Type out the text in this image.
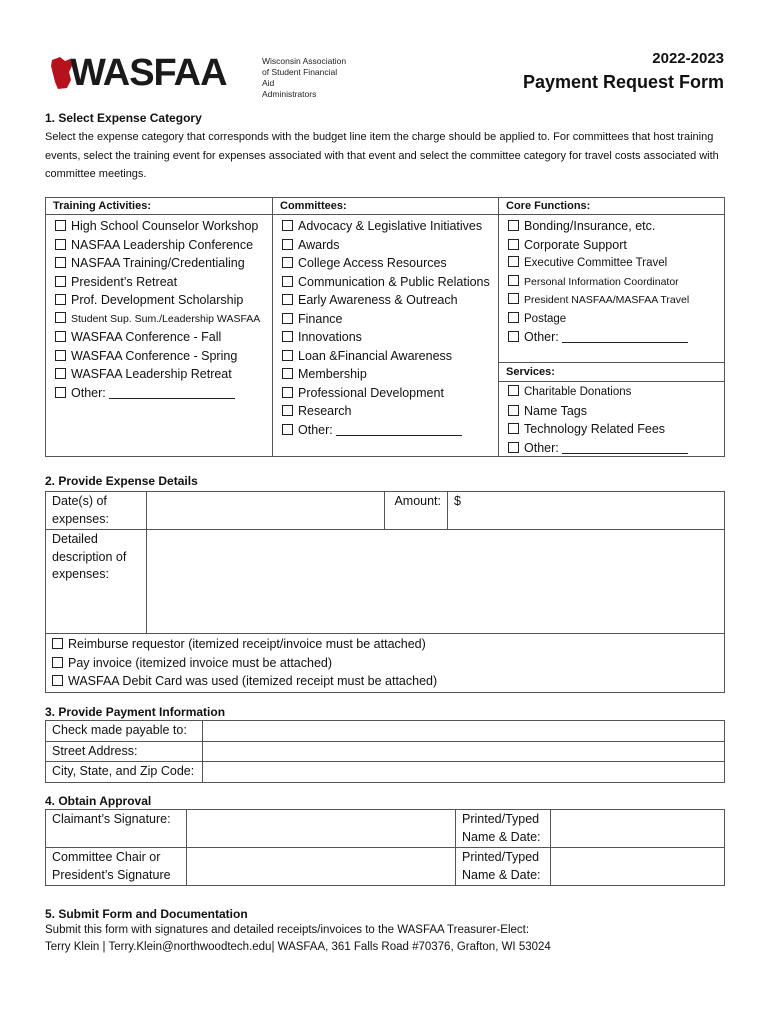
WASFAA	Wisconsin Association
of Student Financial Aid
Administrators
2022-2023
Payment Request Form
1. Select Expense Category
Select the expense category that corresponds with the budget line item the charge should be applied to. For committees that host training events, select the training event for expenses associated with that event and select the committee category for travel costs associated with committee meetings.
Training Activities:
High School Counselor Workshop
NASFAA Leadership Conference
NASFAA Training/Credentialing
President’s Retreat
Prof. Development Scholarship
Student Sup. Sum./Leadership WASFAA
WASFAA Conference - Fall
WASFAA Conference - Spring
WASFAA Leadership Retreat
Other:
Committees:
Advocacy & Legislative Initiatives
Awards
College Access Resources
Communication & Public Relations
Early Awareness & Outreach
Finance
Innovations
Loan &Financial Awareness
Membership
Professional Development
Research
Other:
Core Functions:
Bonding/Insurance, etc.
Corporate Support
Executive Committee Travel
Personal Information Coordinator
President NASFAA/MASFAA Travel
Postage
Other:
Services:
Charitable Donations
Name Tags
Technology Related Fees
Other:
2. Provide Expense Details
Date(s) of expenses:		Amount:	$
Detailed description of expenses:			

Reimburse requestor (itemized receipt/invoice must be attached)
Pay invoice (itemized invoice must be attached)
WASFAA Debit Card was used (itemized receipt must be attached)			
3. Provide Payment Information
Check made payable to:	
Street Address:	
City, State, and Zip Code:	
4. Obtain Approval
Claimant’s Signature:		Printed/Typed Name & Date:	
Committee Chair or President’s Signature		Printed/Typed Name & Date:	
5. Submit Form and Documentation
Submit this form with signatures and detailed receipts/invoices to the WASFAA Treasurer-Elect:
Terry Klein | Terry.Klein@northwoodtech.edu| WASFAA, 361 Falls Road #70376, Grafton, WI 53024
